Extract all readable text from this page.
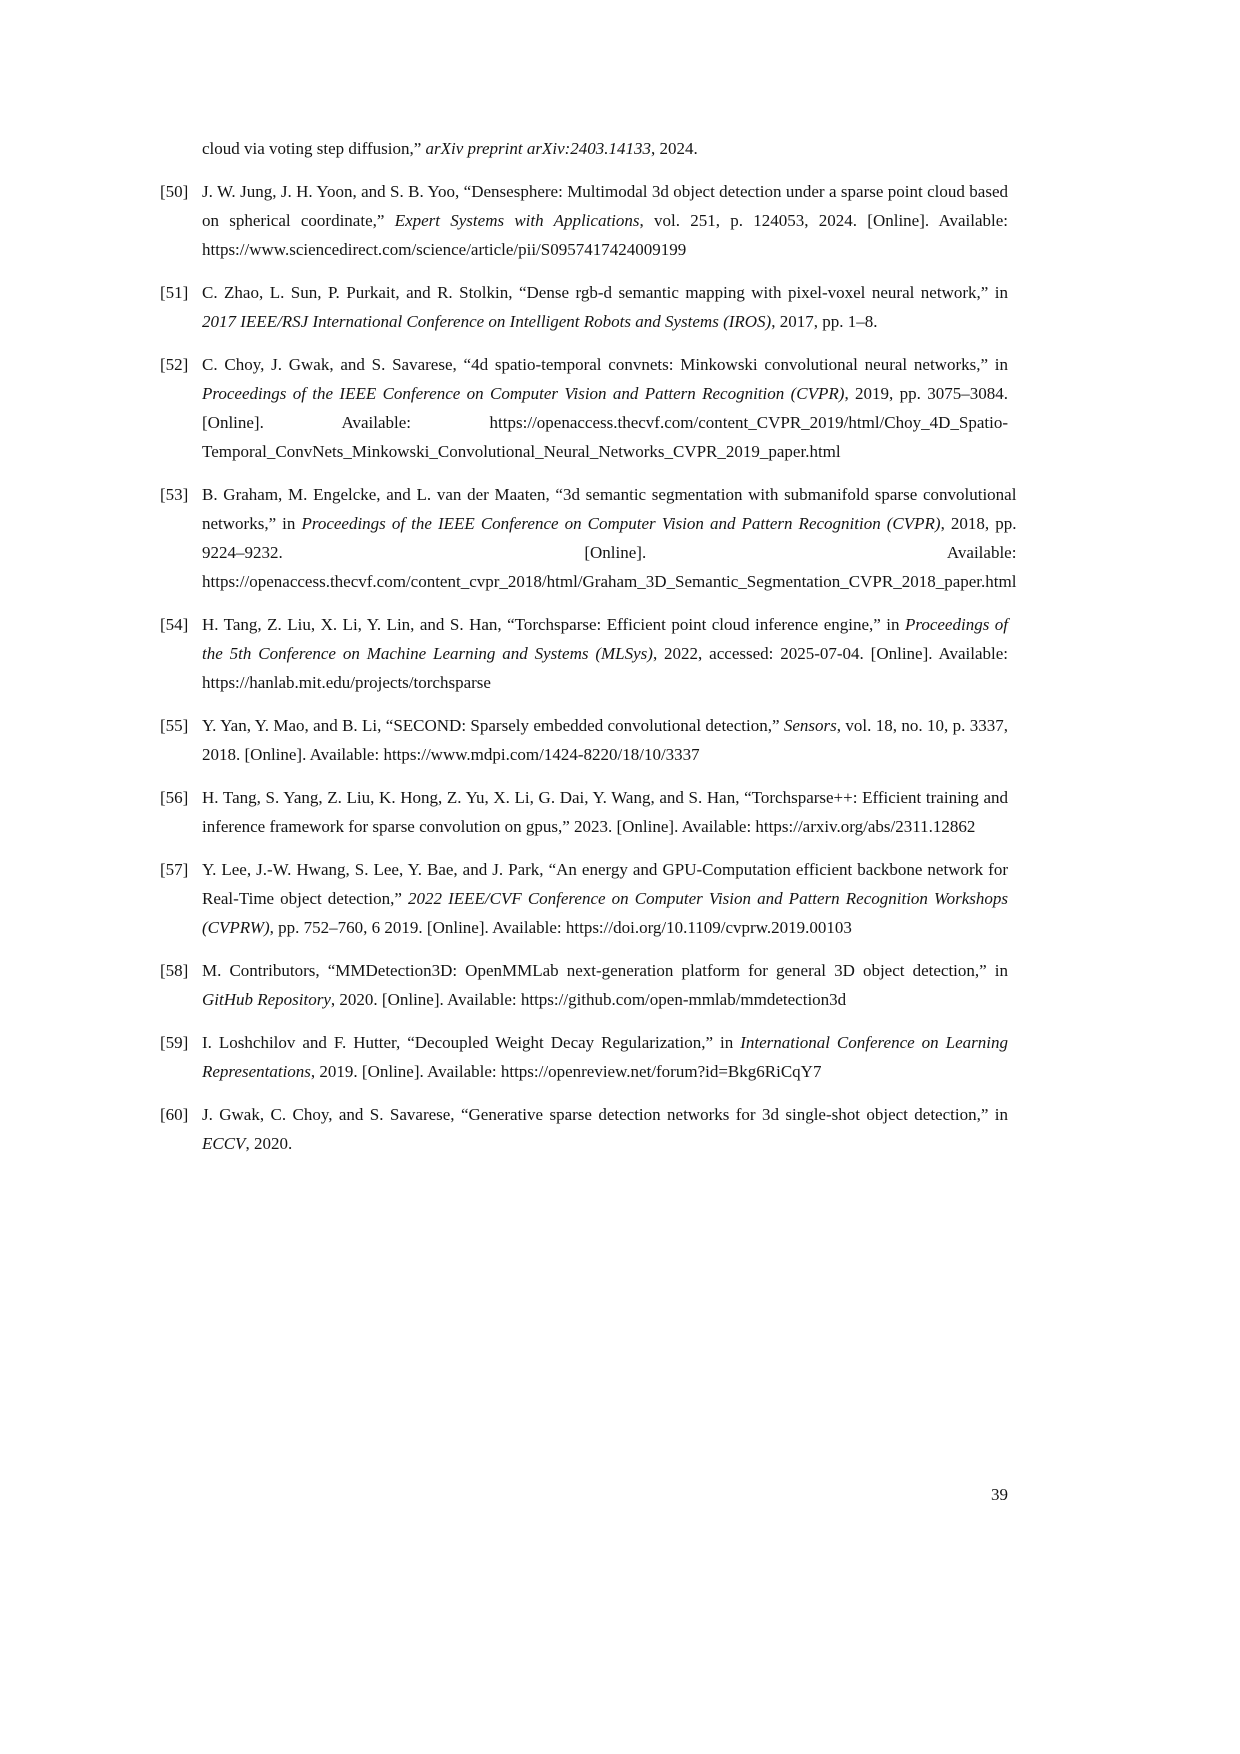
cloud via voting step diffusion,” arXiv preprint arXiv:2403.14133, 2024.
[50] J. W. Jung, J. H. Yoon, and S. B. Yoo, “Densesphere: Multimodal 3d object detection under a sparse point cloud based on spherical coordinate,” Expert Systems with Applications, vol. 251, p. 124053, 2024. [Online]. Available: https://www.sciencedirect.com/science/article/pii/S0957417424009199
[51] C. Zhao, L. Sun, P. Purkait, and R. Stolkin, “Dense rgb-d semantic mapping with pixel-voxel neural network,” in 2017 IEEE/RSJ International Conference on Intelligent Robots and Systems (IROS), 2017, pp. 1–8.
[52] C. Choy, J. Gwak, and S. Savarese, “4d spatio-temporal convnets: Minkowski convolutional neural networks,” in Proceedings of the IEEE Conference on Computer Vision and Pattern Recognition (CVPR), 2019, pp. 3075–3084. [Online]. Available: https://openaccess.thecvf.com/content_CVPR_2019/html/Choy_4D_Spatio-Temporal_ConvNets_Minkowski_Convolutional_Neural_Networks_CVPR_2019_paper.html
[53] B. Graham, M. Engelcke, and L. van der Maaten, “3d semantic segmentation with submanifold sparse convolutional networks,” in Proceedings of the IEEE Conference on Computer Vision and Pattern Recognition (CVPR), 2018, pp. 9224–9232. [Online]. Available: https://openaccess.thecvf.com/content_cvpr_2018/html/Graham_3D_Semantic_Segmentation_CVPR_2018_paper.html
[54] H. Tang, Z. Liu, X. Li, Y. Lin, and S. Han, “Torchsparse: Efficient point cloud inference engine,” in Proceedings of the 5th Conference on Machine Learning and Systems (MLSys), 2022, accessed: 2025-07-04. [Online]. Available: https://hanlab.mit.edu/projects/torchsparse
[55] Y. Yan, Y. Mao, and B. Li, “SECOND: Sparsely embedded convolutional detection,” Sensors, vol. 18, no. 10, p. 3337, 2018. [Online]. Available: https://www.mdpi.com/1424-8220/18/10/3337
[56] H. Tang, S. Yang, Z. Liu, K. Hong, Z. Yu, X. Li, G. Dai, Y. Wang, and S. Han, “Torchsparse++: Efficient training and inference framework for sparse convolution on gpus,” 2023. [Online]. Available: https://arxiv.org/abs/2311.12862
[57] Y. Lee, J.-W. Hwang, S. Lee, Y. Bae, and J. Park, “An energy and GPU-Computation efficient backbone network for Real-Time object detection,” 2022 IEEE/CVF Conference on Computer Vision and Pattern Recognition Workshops (CVPRW), pp. 752–760, 6 2019. [Online]. Available: https://doi.org/10.1109/cvprw.2019.00103
[58] M. Contributors, “MMDetection3D: OpenMMLab next-generation platform for general 3D object detection,” in GitHub Repository, 2020. [Online]. Available: https://github.com/open-mmlab/mmdetection3d
[59] I. Loshchilov and F. Hutter, “Decoupled Weight Decay Regularization,” in International Conference on Learning Representations, 2019. [Online]. Available: https://openreview.net/forum?id=Bkg6RiCqY7
[60] J. Gwak, C. Choy, and S. Savarese, “Generative sparse detection networks for 3d single-shot object detection,” in ECCV, 2020.
39
